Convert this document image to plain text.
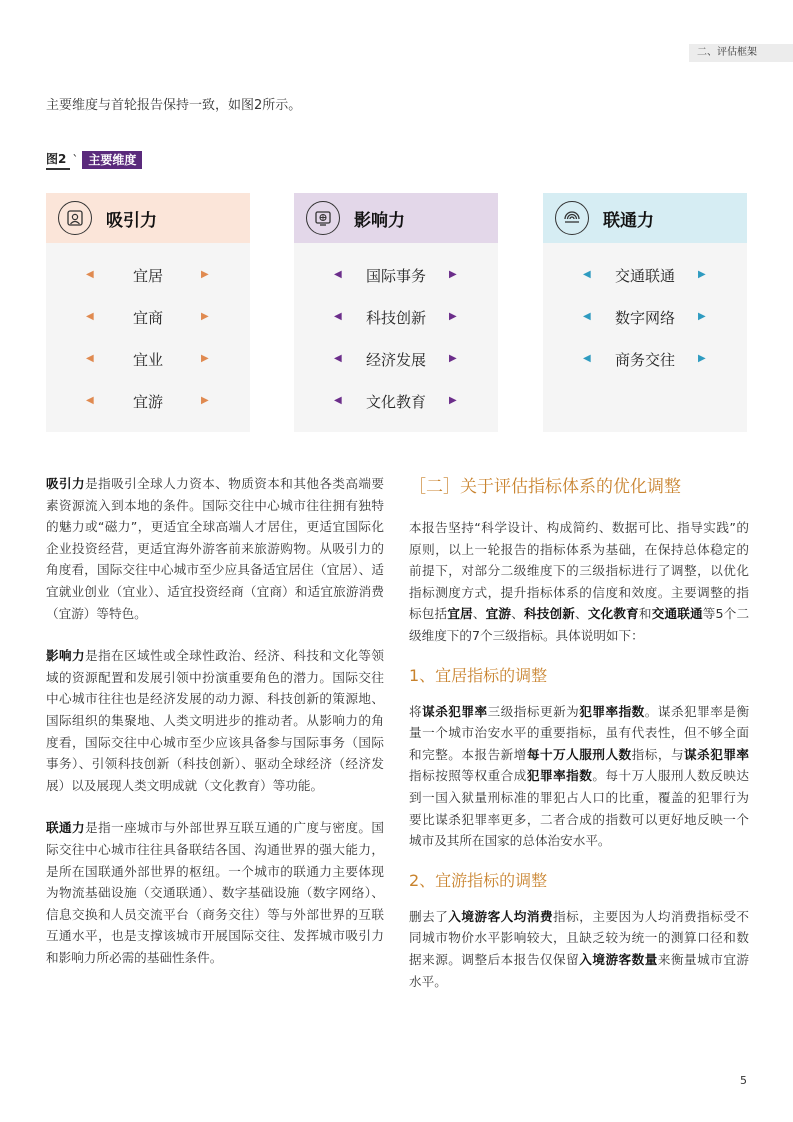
二、评估框架
主要维度与首轮报告保持一致，如图2所示。
图2 ` 主要维度
吸引力
◀	宜居	▶
◀	宜商	▶
◀	宜业	▶
◀	宜游	▶
影响力
◀	国际事务	▶
◀	科技创新	▶
◀	经济发展	▶
◀	文化教育	▶
联通力
◀	交通联通	▶
◀	数字网络	▶
◀	商务交往	▶

吸引力是指吸引全球人力资本、物质资本和其他各类高端要素资源流入到本地的条件。国际交往中心城市往往拥有独特的魅力或“磁力”，更适宜全球高端人才居住，更适宜国际化企业投资经营，更适宜海外游客前来旅游购物。从吸引力的角度看，国际交往中心城市至少应具备适宜居住（宜居）、适宜就业创业（宜业）、适宜投资经商（宜商）和适宜旅游消费（宜游）等特色。

影响力是指在区域性或全球性政治、经济、科技和文化等领域的资源配置和发展引领中扮演重要角色的潜力。国际交往中心城市往往也是经济发展的动力源、科技创新的策源地、国际组织的集聚地、人类文明进步的推动者。从影响力的角度看，国际交往中心城市至少应该具备参与国际事务（国际事务）、引领科技创新（科技创新）、驱动全球经济（经济发展）以及展现人类文明成就（文化教育）等功能。

联通力是指一座城市与外部世界互联互通的广度与密度。国际交往中心城市往往具备联结各国、沟通世界的强大能力，是所在国联通外部世界的枢纽。一个城市的联通力主要体现为物流基础设施（交通联通）、数字基础设施（数字网络）、信息交换和人员交流平台（商务交往）等与外部世界的互联互通水平，也是支撑该城市开展国际交往、发挥城市吸引力和影响力所必需的基础性条件。

［二］关于评估指标体系的优化调整

本报告坚持“科学设计、构成简约、数据可比、指导实践”的原则，以上一轮报告的指标体系为基础，在保持总体稳定的前提下，对部分二级维度下的三级指标进行了调整，以优化指标测度方式，提升指标体系的信度和效度。主要调整的指标包括宜居、宜游、科技创新、文化教育和交通联通等5个二级维度下的7个三级指标。具体说明如下：

1、宜居指标的调整

将谋杀犯罪率三级指标更新为犯罪率指数。谋杀犯罪率是衡量一个城市治安水平的重要指标，虽有代表性，但不够全面和完整。本报告新增每十万人服刑人数指标，与谋杀犯罪率指标按照等权重合成犯罪率指数。每十万人服刑人数反映达到一国入狱量刑标准的罪犯占人口的比重，覆盖的犯罪行为要比谋杀犯罪率更多，二者合成的指数可以更好地反映一个城市及其所在国家的总体治安水平。

2、宜游指标的调整

删去了入境游客人均消费指标，主要因为人均消费指标受不同城市物价水平影响较大，且缺乏较为统一的测算口径和数据来源。调整后本报告仅保留入境游客数量来衡量城市宜游水平。

5
